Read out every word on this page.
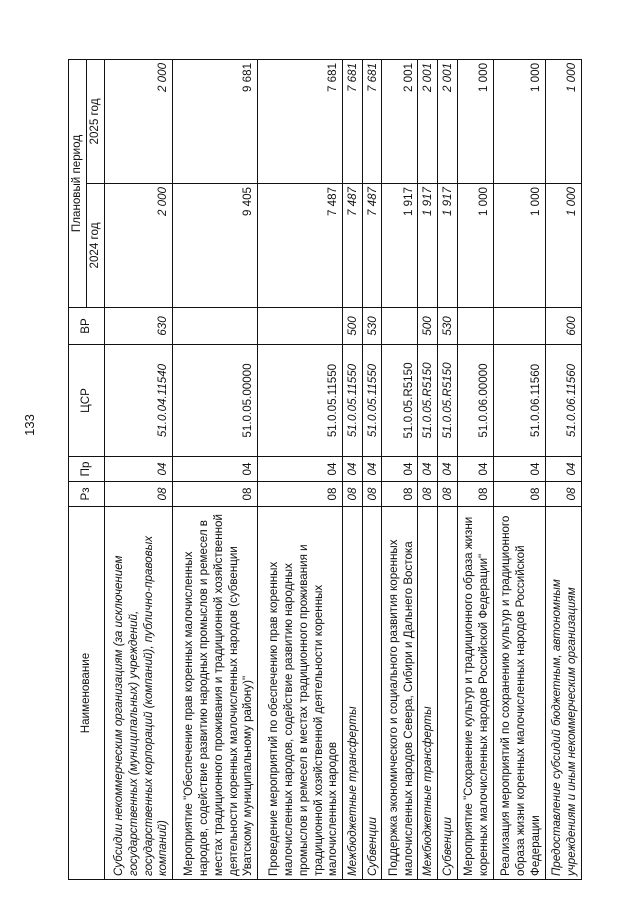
133
Наименование	Рз	Пр	ЦСР	ВР	Плановый период	
					2024 год	2025 год
Субсидии некоммерческим организациям (за исключением государственных (муниципальных) учреждений, государственных корпораций (компаний), публично-правовых компаний)	08	04	51.0.04.11540	630	2 000	2 000
Мероприятие "Обеспечение прав коренных малочисленных народов, содействие развитию народных промыслов и ремесел в местах традиционного проживания и традиционной хозяйственной деятельности коренных малочисленных народов (субвенции Уватскому муниципальному району)"	08	04	51.0.05.00000		9 405	9 681
Проведение мероприятий по обеспечению прав коренных малочисленных народов, содействие развитию народных промыслов и ремесел в местах традиционного проживания и традиционной хозяйственной деятельности коренных малочисленных народов	08	04	51.0.05.11550		7 487	7 681
Межбюджетные трансферты	08	04	51.0.05.11550	500	7 487	7 681
Субвенции	08	04	51.0.05.11550	530	7 487	7 681
Поддержка экономического и социального развития коренных малочисленных народов Севера, Сибири и Дальнего Востока	08	04	51.0.05.R5150		1 917	2 001
Межбюджетные трансферты	08	04	51.0.05.R5150	500	1 917	2 001
Субвенции	08	04	51.0.05.R5150	530	1 917	2 001
Мероприятие "Сохранение культур и традиционного образа жизни коренных малочисленных народов Российской Федерации"	08	04	51.0.06.00000		1 000	1 000
Реализация мероприятий по сохранению культур и традиционного образа жизни коренных малочисленных народов Российской Федерации	08	04	51.0.06.11560		1 000	1 000
Предоставление субсидий бюджетным, автономным учреждениям и иным некоммерческим организациям	08	04	51.0.06.11560	600	1 000	1 000
